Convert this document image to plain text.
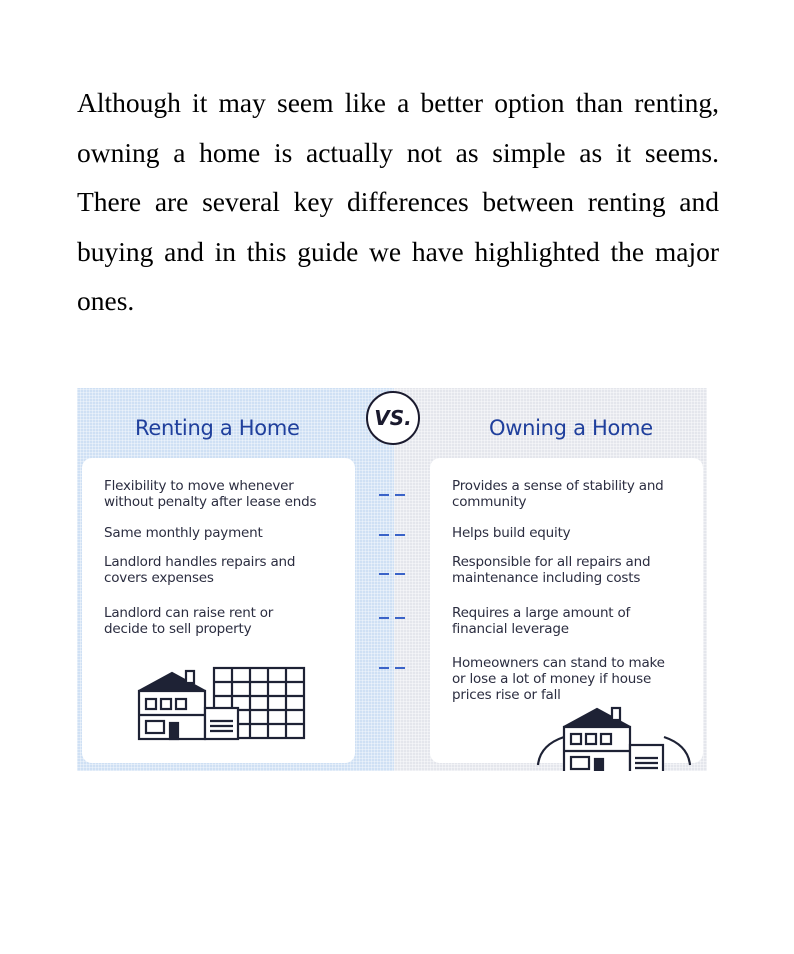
Although it may seem like a better option than renting, owning a home is actually not as simple as it seems. There are several key differences between renting and buying and in this guide we have highlighted the major ones.

Renting a Home	VS.	Owning a Home
Flexibility to move whenever without penalty after lease ends
Same monthly payment
Landlord handles repairs and covers expenses
Landlord can raise rent or decide to sell property
Provides a sense of stability and community
Helps build equity
Responsible for all repairs and maintenance including costs
Requires a large amount of financial leverage
Homeowners can stand to make or lose a lot of money if house prices rise or fall
